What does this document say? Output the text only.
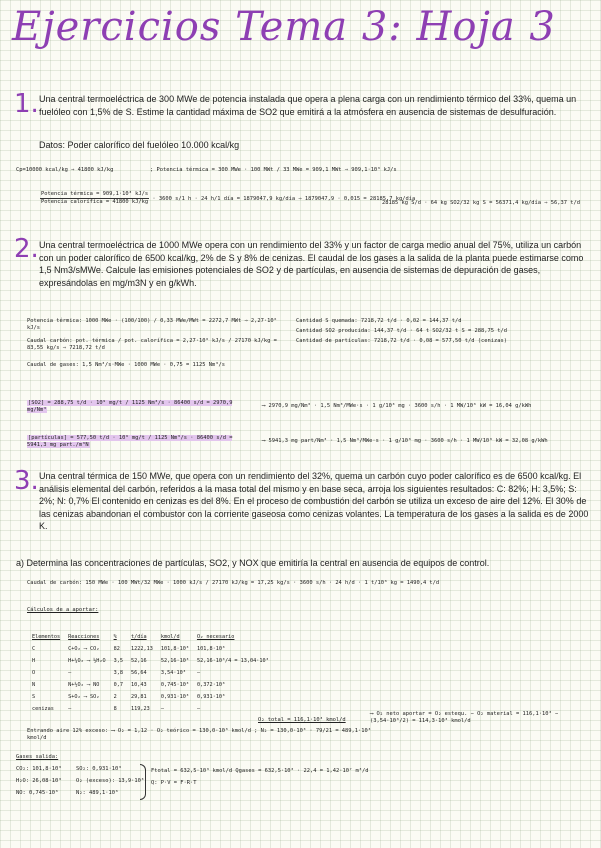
Ejercicios Tema 3: Hoja 3
1. Una central termoeléctrica de 300 MWe de potencia instalada que opera a plena carga con un rendimiento térmico del 33%, quema un fuelóleo con 1,5% de S. Estime la cantidad máxima de SO2 que emitirá a la atmósfera en ausencia de sistemas de desulfuración.
Datos: Poder calorífico del fuelóleo 10.000 kcal/kg
Cp=10000 kcal/kg ⇒ 41800 kJ/kg	; Potencia térmica = 300 MWe · 100 MWt / 33 MWe = 909,1 MWt ⇒ 909,1·10³ kJ/s
$\frac{\text{Potencia térmica = 909,1·10³ kJ/s}}{\text{Potencia calorífica = 41800 kJ/kg}} \cdot 3600$ s/1 h · 24 h/1 día = 1879047,9 kg/día ⇒ 1879047,9 · 0,015 = 28185,7 kg/día
28185 kg S/d · 64 kg SO2/32 kg S = 56371,4 kg/día ⇒ 56,37 t/d
2. Una central termoeléctrica de 1000 MWe opera con un rendimiento del 33% y un factor de carga medio anual del 75%, utiliza un carbón con un poder calorífico de 6500 kcal/kg, 2% de S y 8% de cenizas. El caudal de los gases a la salida de la planta puede estimarse como 1,5 Nm3/sMWe. Calcule las emisiones potenciales de SO2 y de partículas, en ausencia de sistemas de depuración de gases, expresándolas en mg/m3N y en g/kWh.
Potencia térmica: 1000 MWe · (100/100) / 0,33 MWe/MWt = 2272,7 MWt ⇒ 2,27·10⁶ kJ/s
Caudal carbón: pot. térmica / pot. calorífica = 2,27·10⁶ kJ/s / 27170 kJ/kg = 83,55 kg/s ⇒ 7218,72 t/d
Caudal de gases: 1,5 Nm³/s·MWe · 1000 MWe · 0,75 = 1125 Nm³/s
Cantidad S quemada: 7218,72 t/d · 0,02 = 144,37 t/d
Cantidad SO2 producida: 144,37 t/d · 64 t SO2/32 t S = 288,75 t/d
Cantidad de partículas: 7218,72 t/d · 0,08 = 577,50 t/d (cenizas)
[SO2] = 288,75 t/d · 10⁹ mg/t / 1125 Nm³/s · 86400 s/d = 2970,9 mg/Nm³
⟶ 2970,9 mg/Nm³ · 1,5 Nm³/MWe·s · 1 g/10³ mg · 3600 s/h · 1 MW/10³ kW = 16,04 g/kWh
[partículas] = 577,50 t/d · 10⁹ mg/t / 1125 Nm³/s · 86400 s/d = 5941,3 mg part./m³N
⟶ 5941,3 mg part/Nm³ · 1,5 Nm³/MWe·s · 1 g/10³ mg · 3600 s/h · 1 MW/10³ kW = 32,08 g/kWh
3. Una central térmica de 150 MWe, que opera con un rendimiento del 32%, quema un carbón cuyo poder calorífico es de 6500 kcal/kg. El análisis elemental del carbón, referidos a la masa total del mismo y en base seca, arroja los siguientes resultados: C: 82%; H: 3,5%; S: 2%; N: 0,7% El contenido en cenizas es del 8%. En el proceso de combustión del carbón se utiliza un exceso de aire del 12%. El 30% de las cenizas abandonan el combustor con la corriente gaseosa como cenizas volantes. La temperatura de los gases a la salida es de 2000 K.
a) Determina las concentraciones de partículas, SO2, y NOX que emitiría la central en ausencia de equipos de control.
Caudal de carbón: 150 MWe · 100 MWt/32 MWe · 1000 kJ/s / 27170 kJ/kg = 17,25 kg/s · 3600 s/h · 24 h/d · 1 t/10³ kg = 1490,4 t/d
Cálculos de a aportar:
Elementos	Reacciones	%	t/día	kmol/d	O₂ necesario
C	C+O₂ ⟶ CO₂	82	1222,13	101,8·10³	101,8·10³
H	H+¼O₂ ⟶ ½H₂O	3,5	52,16	52,16·10³	52,16·10³/4 = 13,04·10³
O	—	3,8	56,64	3,54·10³	—
N	N+½O₂ ⟶ NO	0,7	10,43	0,745·10³	0,372·10³
S	S+O₂ ⟶ SO₂	2	29,81	0,931·10³	0,931·10³
cenizas	—	8	119,23	—	—
O₂ total = 116,1·10³ kmol/d
⟶ O₂ neto aportar = O₂ estequ. − O₂ material = 116,1·10³ − (3,54·10³/2) = 114,3·10³ kmol/d
Entrando aire 12% exceso: ⟶ O₂ = 1,12 · O₂ teórico = 130,0·10³ kmol/d ; N₂ = 130,0·10³ · 79/21 = 489,1·10³ kmol/d
Gases salida:
CO₂: 101,8·10³
H₂O: 26,08·10³
NO: 0,745·10³
SO₂: 0,931·10³
O₂ (exceso): 13,9·10³
N₂: 489,1·10³
Ftotal = 632,5·10³ kmol/d Qgases = 632,5·10³ · 22,4 = 1,42·10⁷ m³/d
Q: P·V = F·R·T
